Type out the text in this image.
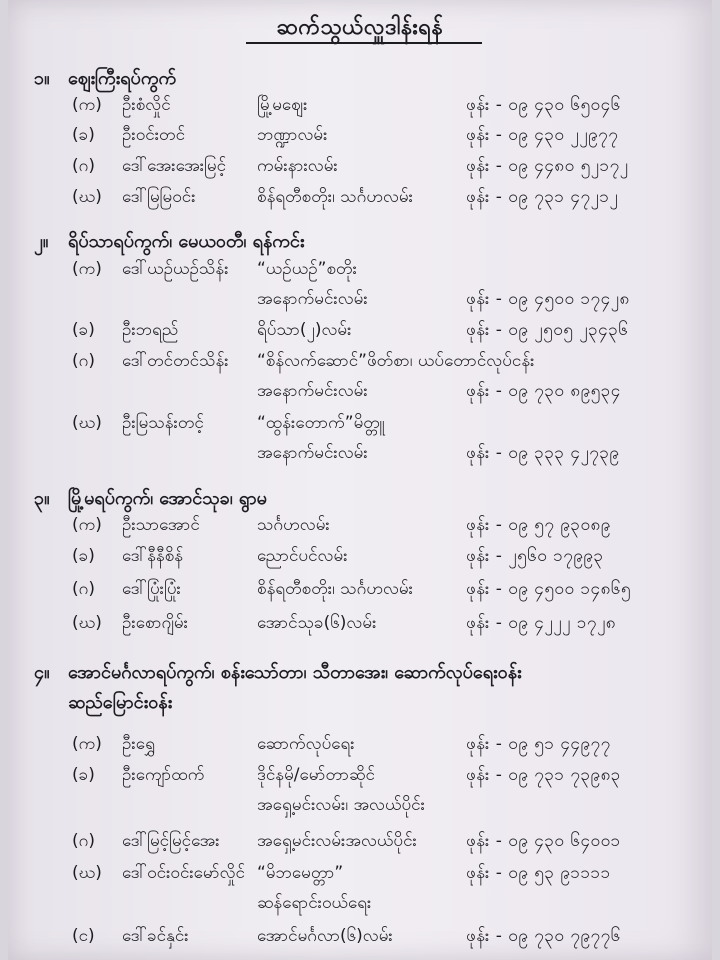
ဆက်သွယ်လှူဒါန်းရန်
၁။ ဈေးကြီးရပ်ကွက်
(က) ဦးစံလှိုင်	မြို့မဈေး	ဖုန်း - ၀၉ ၄၃၀ ၆၅၀၄၆
(ခ) ဦးဝင်းတင်	ဘဏ္ဍာလမ်း	ဖုန်း - ၀၉ ၄၃၀ ၂၂၉၇၇
(ဂ) ဒေါ်အေးအေးမြင့် ကမ်းနားလမ်း	ဖုန်း - ၀၉ ၄၄၈၀ ၅၂၁၇၂
(ဃ) ဒေါ်မြမြဝင်း	စိန်ရတီစတိုး၊ သင်္ဂဟလမ်း	ဖုန်း - ၀၉ ၇၃၁ ၄၇၂၁၂
၂။ ရိပ်သာရပ်ကွက်၊ မေယဝတီ၊ ရန်ကင်း
(က) ဒေါ်ယဉ်ယဉ်သိန်း “ယဉ်ယဉ်”စတိုး
အနောက်မင်းလမ်း	ဖုန်း - ၀၉ ၄၅၀၀ ၁၇၄၂၈
(ခ) ဦးဘရည်	ရိပ်သာ(၂)လမ်း	ဖုန်း - ၀၉ ၂၅၀၅ ၂၃၄၃၆
(ဂ) ဒေါ်တင်တင်သိန်း “စိန်လက်ဆောင်”ဖိတ်စာ၊ ယပ်တောင်လုပ်ငန်း
အနောက်မင်းလမ်း	ဖုန်း - ၀၉ ၇၃၀ ၈၉၅၃၄
(ဃ) ဦးမြသန်းတင့်	“ထွန်းတောက်”မိတ္တူ
အနောက်မင်းလမ်း	ဖုန်း - ၀၉ ၃၃၃ ၄၂၇၃၉
၃။ မြို့မရပ်ကွက်၊ အောင်သုခ၊ ရွာမ
(က) ဦးသာအောင်	သင်္ဂဟလမ်း	ဖုန်း - ၀၉ ၅၇ ၉၃၀၈၉
(ခ) ဒေါ်နီနီစိန်	ညောင်ပင်လမ်း	ဖုန်း - ၂၅၆၀ ၁၇၉၉၃
(ဂ) ဒေါ်ပြုံးပြုံး	စိန်ရတီစတိုး၊ သင်္ဂဟလမ်း	ဖုန်း - ၀၉ ၄၅၀၀ ၁၄၈၆၅
(ဃ) ဦးစောဂျိမ်း	အောင်သုခ(၆)လမ်း	ဖုန်း - ၀၉ ၄၂၂၂ ၁၇၂၈
၄။ အောင်မင်္ဂလာရပ်ကွက်၊ စန်းသော်တာ၊ သီတာအေး၊ ဆောက်လုပ်ရေးဝန်း
ဆည်မြောင်းဝန်း
(က) ဦးရွှေ	ဆောက်လုပ်ရေး	ဖုန်း - ၀၉ ၅၁ ၄၄၉၇၇
(ခ) ဦးကျော်ထက်	ဒိုင်နမို/မော်တာဆိုင်	ဖုန်း - ၀၉ ၇၃၁ ၇၃၉၈၃
အရှေ့မင်းလမ်း၊ အလယ်ပိုင်း
(ဂ) ဒေါ်မြင့်မြင့်အေး အရှေ့မင်းလမ်းအလယ်ပိုင်း	ဖုန်း - ၀၉ ၄၃၀ ၆၄၀၀၁
(ဃ) ဒေါ်ဝင်းဝင်းမော်လှိုင် “မိဘမေတ္တာ”	ဖုန်း - ၀၉ ၅၃ ၉၁၁၁၁
ဆန်ရောင်းဝယ်ရေး
(င) ဒေါ်ခင်နှင်း	အောင်မင်္ဂလာ(၆)လမ်း	ဖုန်း - ၀၉ ၇၃၀ ၇၉၇၇၆
